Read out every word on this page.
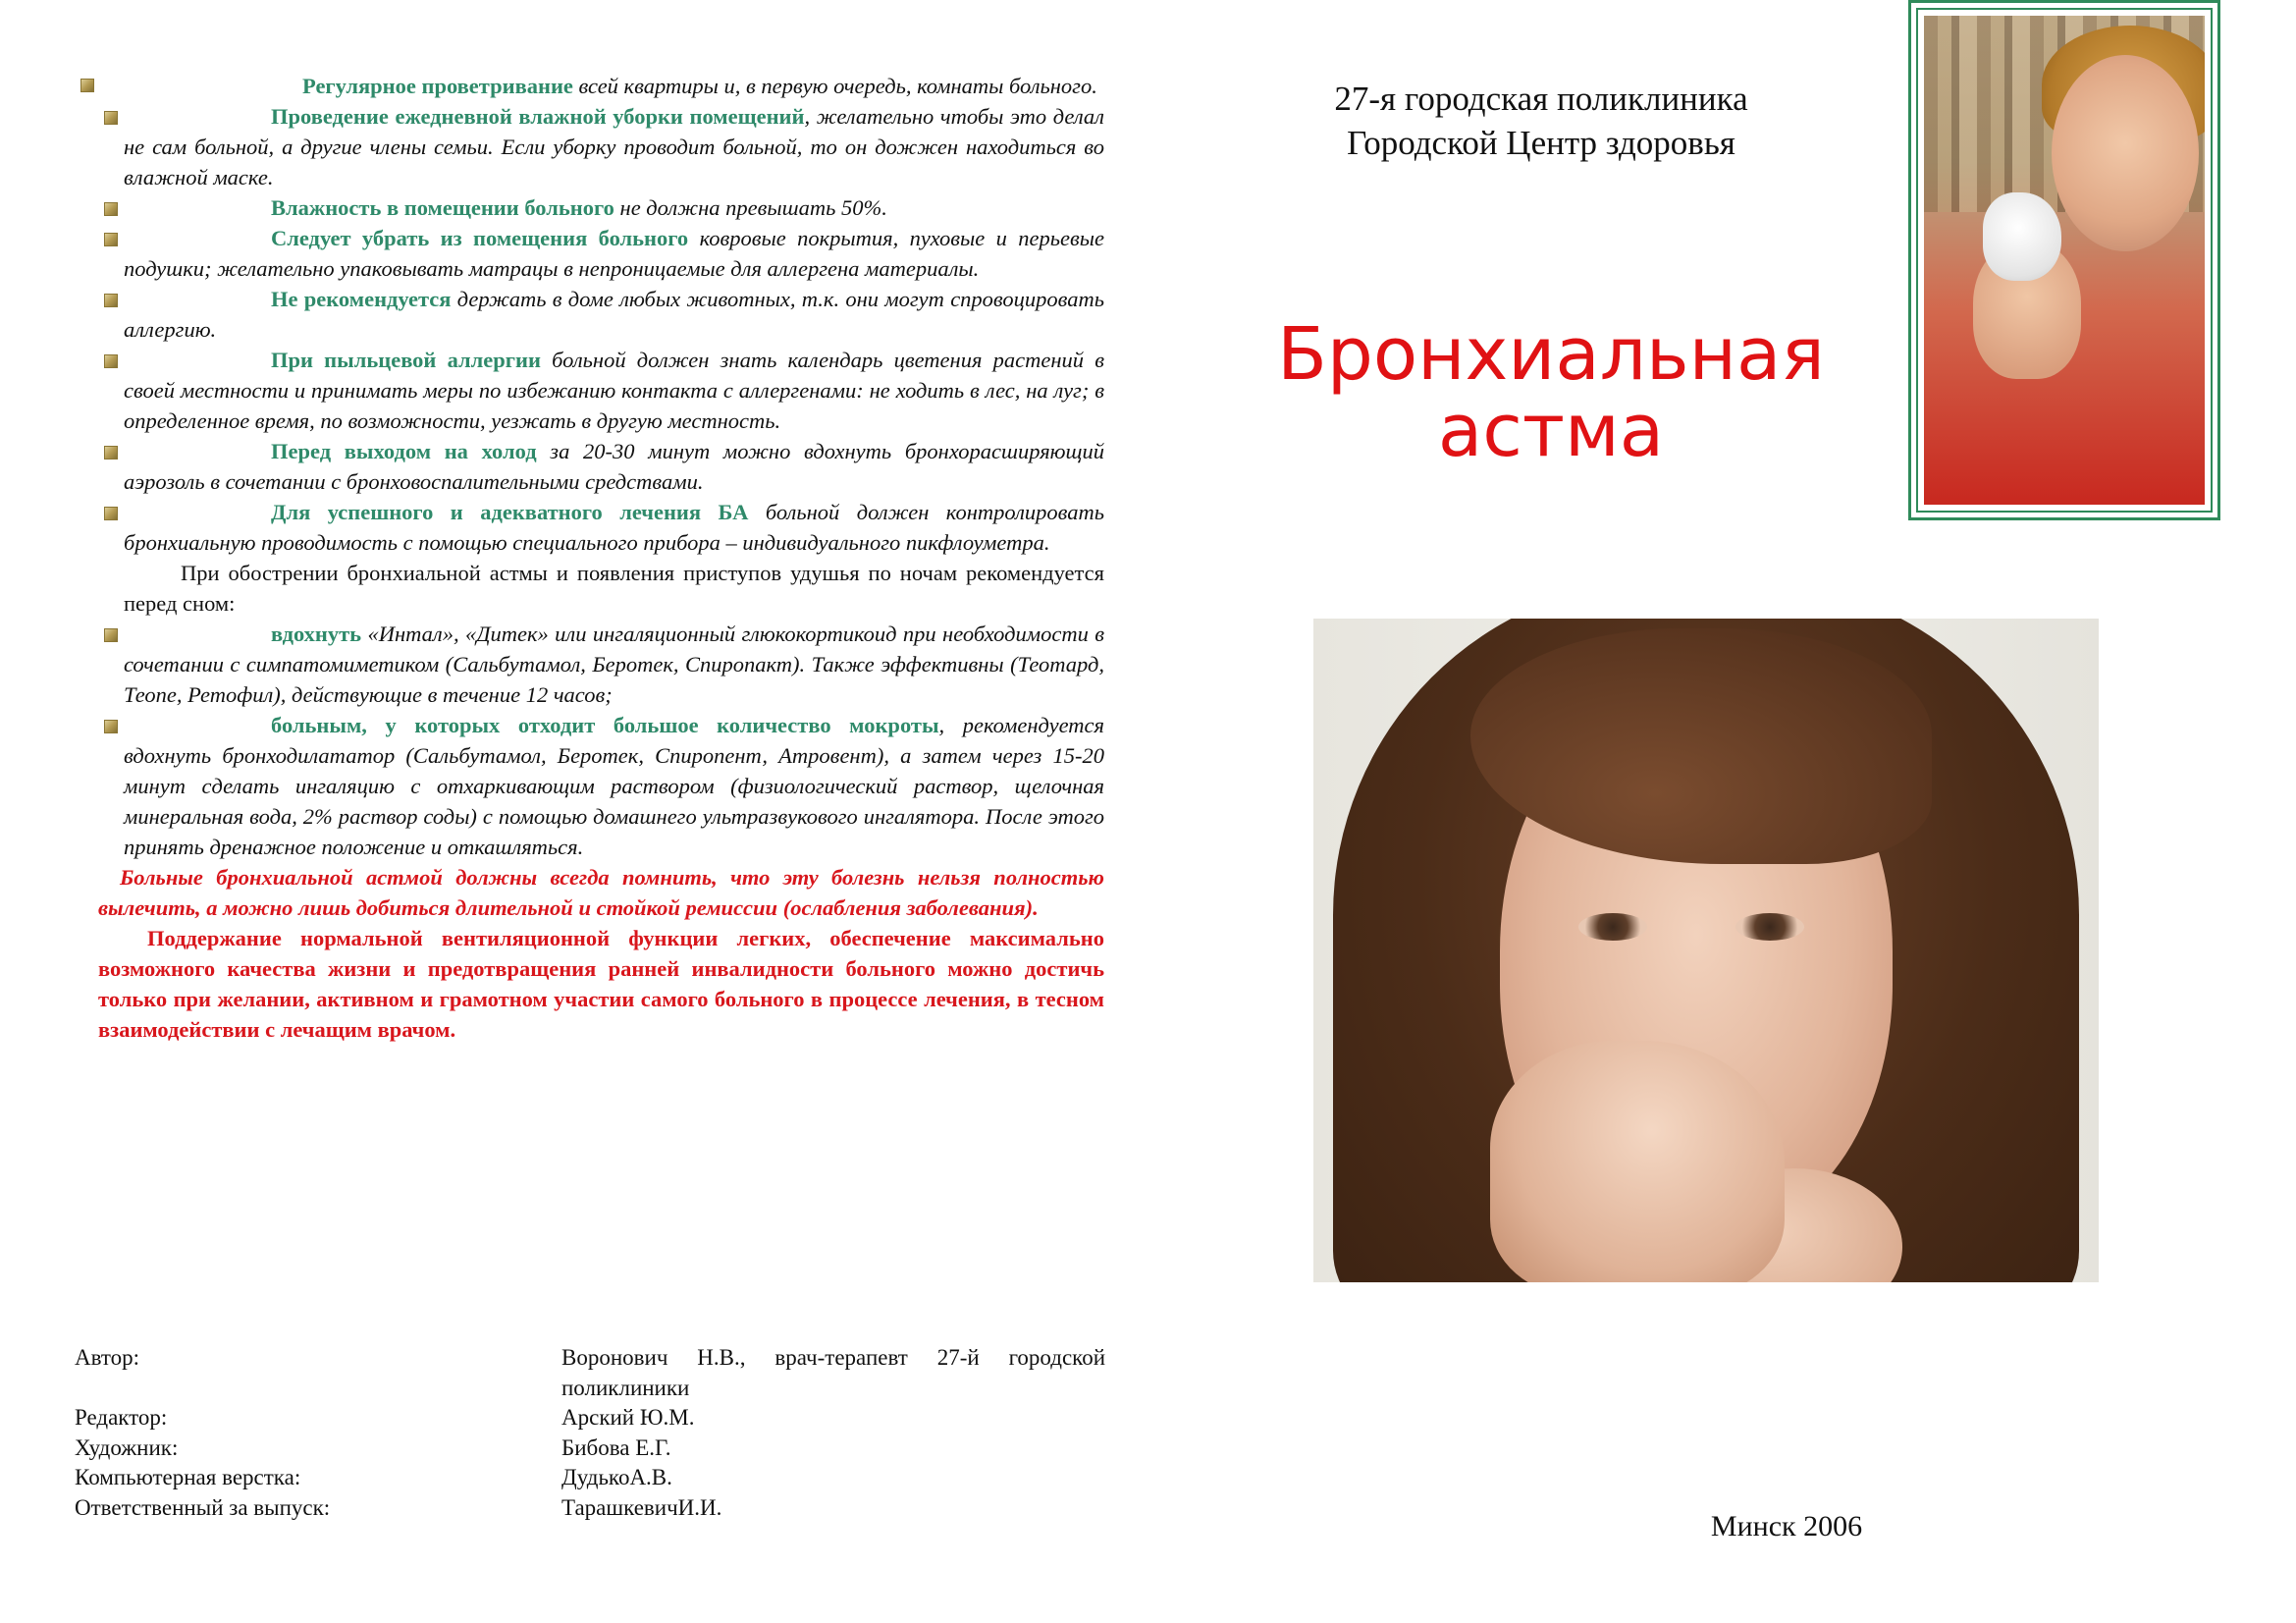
Регулярное проветривание всей квартиры и, в первую очередь, комнаты больного.

Проведение ежедневной влажной уборки помещений, желательно чтобы это делал не сам больной, а другие члены семьи. Если уборку проводит больной, то он дожжен находиться во влажной маске.

Влажность в помещении больного не должна превышать 50%.

Следует убрать из помещения больного ковровые покрытия, пуховые и перьевые подушки; желательно упаковывать матрацы в непроницаемые для аллергена материалы.

Не рекомендуется держать в доме любых животных, т.к. они могут спровоцировать аллергию.

При пыльцевой аллергии больной должен знать календарь цветения растений в своей местности и принимать меры по избежанию контакта с аллергенами: не ходить в лес, на луг; в определенное время, по возможности, уезжать в другую местность.

Перед выходом на холод за 20-30 минут можно вдохнуть бронхорасширяющий аэрозоль в сочетании с бронховоспалительными средствами.

Для успешного и адекватного лечения БА больной должен контролировать бронхиальную проводимость с помощью специального прибора – индивидуального пикфлоуметра.

При обострении бронхиальной астмы и появления приступов удушья по ночам рекомендуется перед сном:

вдохнуть «Интал», «Дитек» или ингаляционный глюкокортикоид при необходимости в сочетании с симпатомиметиком (Сальбутамол, Беротек, Спиропакт). Также эффективны (Теотард, Теопе, Ретофил), действующие в течение 12 часов;

больным, у которых отходит большое количество мокроты, рекомендуется вдохнуть бронходилататор (Сальбутамол, Беротек, Спиропент, Атровент), а затем через 15-20 минут сделать ингаляцию с отхаркивающим раствором (физиологический раствор, щелочная минеральная вода, 2% раствор соды) с помощью домашнего ультразвукового ингалятора. После этого принять дренажное положение и откашляться.

Больные бронхиальной астмой должны всегда помнить, что эту болезнь нельзя полностью вылечить, а можно лишь добиться длительной и стойкой ремиссии (ослабления заболевания).

Поддержание нормальной вентиляционной функции легких, обеспечение максимально возможного качества жизни и предотвращения ранней инвалидности больного можно достичь только при желании, активном и грамотном участии самого больного в процессе лечения, в тесном взаимодействии с лечащим врачом.

Автор:	Воронович Н.В., врач-терапевт 27-й городской поликлиники
Редактор:	Арский Ю.М.
Художник:	Бибова Е.Г.
Компьютерная верстка:	ДудькоА.В.
Ответственный за выпуск:	ТарашкевичИ.И.
27-я городская поликлиника
Городской Центр здоровья
Бронхиальная
астма
Минск 2006
